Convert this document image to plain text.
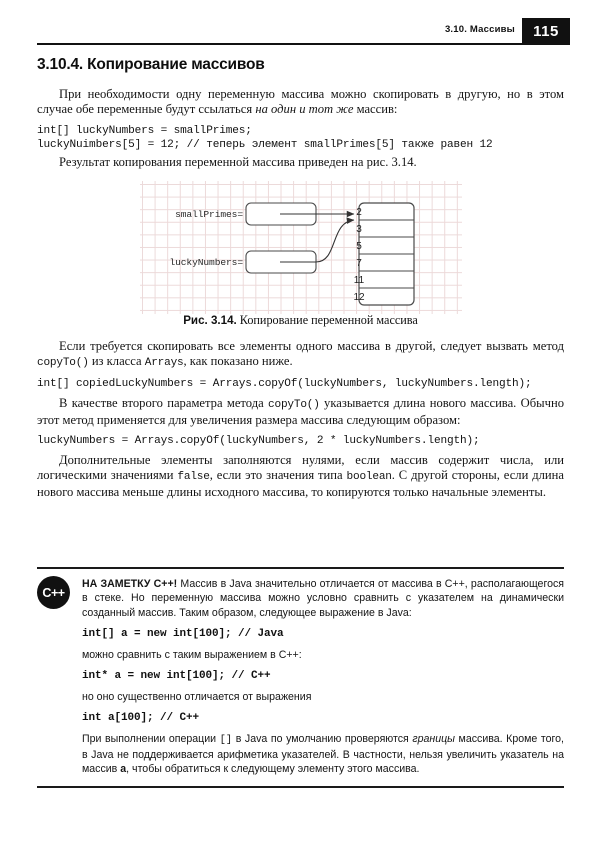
3.10. Массивы	115
3.10.4. Копирование массивов

При необходимости одну переменную массива можно скопировать в другую, но в этом случае обе переменные будут ссылаться на один и тот же массив:

int[] luckyNumbers = smallPrimes;
luckyNuimbers[5] = 12; // теперь элемент smallPrimes[5] также равен 12

Результат копирования переменной массива приведен на рис. 3.14.

smallPrimes=
luckyNumbers=
2
3
5
7
11
12
Рис. 3.14. Копирование переменной массива

Если требуется скопировать все элементы одного массива в другой, следует вызвать метод copyTo() из класса Arrays, как показано ниже.

int[] copiedLuckyNumbers = Arrays.copyOf(luckyNumbers, luckyNumbers.length);

В качестве второго параметра метода copyTo() указывается длина нового массива. Обычно этот метод применяется для увеличения размера массива следующим образом:

luckyNumbers = Arrays.copyOf(luckyNumbers, 2 * luckyNumbers.length);

Дополнительные элементы заполняются нулями, если массив содержит числа, или логическими значениями false, если это значения типа boolean. С другой стороны, если длина нового массива меньше длины исходного массива, то копируются только начальные элементы.

C++

НА ЗАМЕТКУ C++! Массив в Java значительно отличается от массива в C++, располагающегося в стеке. Но переменную массива можно условно сравнить с указателем на динамически созданный массив. Таким образом, следующее выражение в Java:

int[] a = new int[100]; // Java

можно сравнить с таким выражением в C++:

int* a = new int[100]; // C++

но оно существенно отличается от выражения

int a[100]; // C++

При выполнении операции [] в Java по умолчанию проверяются границы массива. Кроме того, в Java не поддерживается арифметика указателей. В частности, нельзя увеличить указатель на массив a, чтобы обратиться к следующему элементу этого массива.
